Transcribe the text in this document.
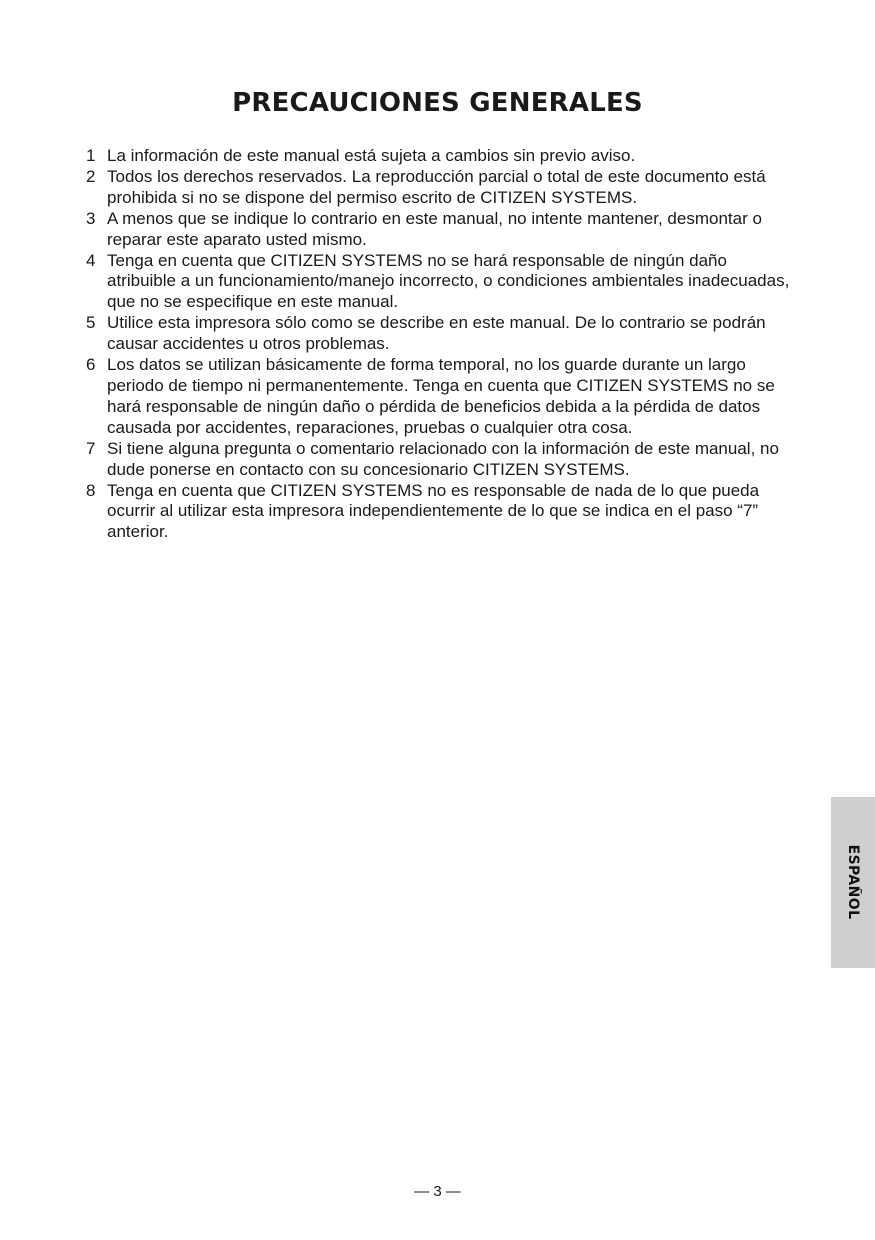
PRECAUCIONES GENERALES
1 La información de este manual está sujeta a cambios sin previo aviso.
2 Todos los derechos reservados. La reproducción parcial o total de este documento está prohibida si no se dispone del permiso escrito de CITIZEN SYSTEMS.
3 A menos que se indique lo contrario en este manual, no intente mantener, desmontar o reparar este aparato usted mismo.
4 Tenga en cuenta que CITIZEN SYSTEMS no se hará responsable de ningún daño atribuible a un funcionamiento/manejo incorrecto, o condiciones ambientales inadecuadas, que no se especifique en este manual.
5 Utilice esta impresora sólo como se describe en este manual. De lo contrario se podrán causar accidentes u otros problemas.
6 Los datos se utilizan básicamente de forma temporal, no los guarde durante un largo periodo de tiempo ni permanentemente. Tenga en cuenta que CITIZEN SYSTEMS no se hará responsable de ningún daño o pérdida de beneficios debida a la pérdida de datos causada por accidentes, reparaciones, pruebas o cualquier otra cosa.
7 Si tiene alguna pregunta o comentario relacionado con la información de este manual, no dude ponerse en contacto con su concesionario CITIZEN SYSTEMS.
8 Tenga en cuenta que CITIZEN SYSTEMS no es responsable de nada de lo que pueda ocurrir al utilizar esta impresora independientemente de lo que se indica en el paso “7” anterior.
ESPAÑOL
— 3 —
